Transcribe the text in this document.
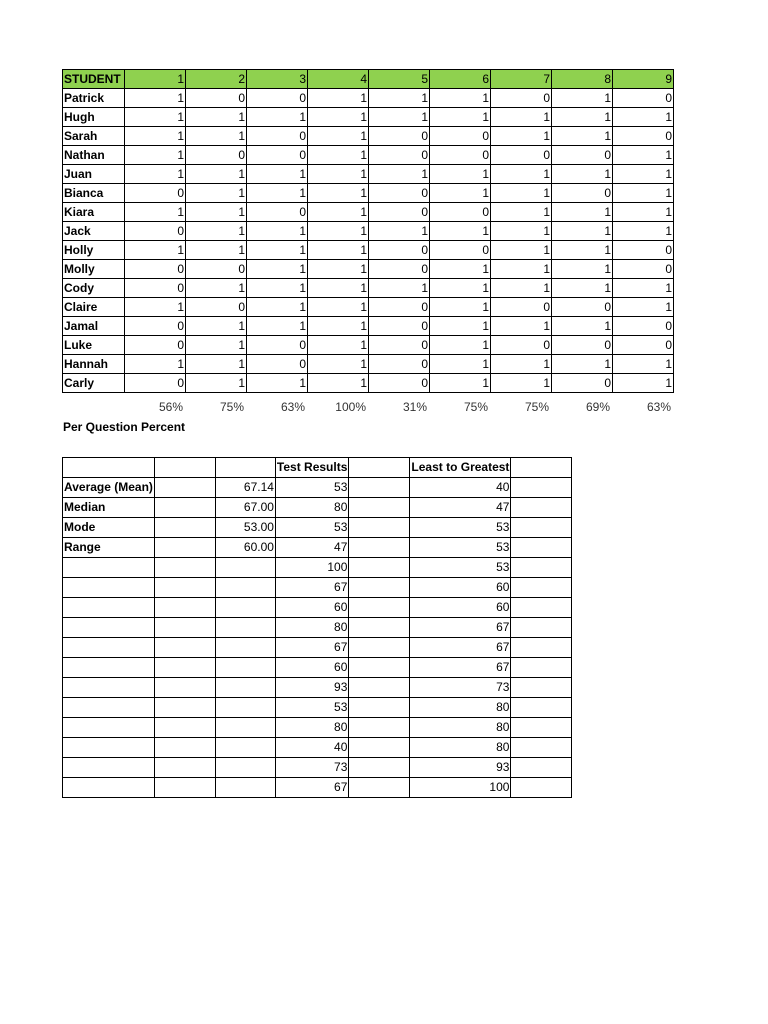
STUDENT	1	2	3	4	5	6	7	8	9
Patrick	1	0	0	1	1	1	0	1	0
Hugh	1	1	1	1	1	1	1	1	1
Sarah	1	1	0	1	0	0	1	1	0
Nathan	1	0	0	1	0	0	0	0	1
Juan	1	1	1	1	1	1	1	1	1
Bianca	0	1	1	1	0	1	1	0	1
Kiara	1	1	0	1	0	0	1	1	1
Jack	0	1	1	1	1	1	1	1	1
Holly	1	1	1	1	0	0	1	1	0
Molly	0	0	1	1	0	1	1	1	0
Cody	0	1	1	1	1	1	1	1	1
Claire	1	0	1	1	0	1	0	0	1
Jamal	0	1	1	1	0	1	1	1	0
Luke	0	1	0	1	0	1	0	0	0
Hannah	1	1	0	1	0	1	1	1	1
Carly	0	1	1	1	0	1	1	0	1
56%	75%	63%	100%	31%	75%	75%	69%	63%
Per Question Percent
			Test Results		Least to Greatest	
Average (Mean)		67.14	53		40	
Median		67.00	80		47	
Mode		53.00	53		53	
Range		60.00	47		53	
			100		53	
			67		60	
			60		60	
			80		67	
			67		67	
			60		67	
			93		73	
			53		80	
			80		80	
			40		80	
			73		93	
			67		100	
